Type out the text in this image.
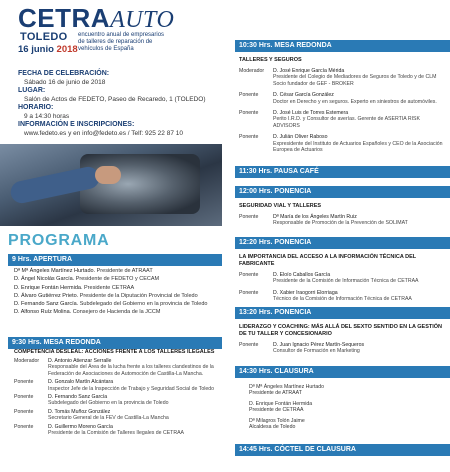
CETRAAUTO
TOLEDO
16 junio 2018
encuentro anual de empresarios de talleres de reparación de vehículos de España
FECHA DE CELEBRACIÓN:
Sábado 16 de junio de 2018
LUGAR:
Salón de Actos de FEDETO, Paseo de Recaredo, 1 (TOLEDO)
HORARIO:
9 a 14:30 horas
INFORMACIÓN E INSCRIPCIONES:
www.fedeto.es y en info@fedeto.es / Telf: 925 22 87 10
PROGRAMA
9 Hrs. APERTURA
Dª Mª Ángeles Martínez Hurtado. Presidente de ATRAAT
D. Ángel Nicolás García. Presidente de FEDETO y CECAM
D. Enrique Fontán Hermida. Presidente CETRAA
D. Álvaro Gutiérrez Prieto. Presidente de la Diputación Provincial de Toledo
D. Fernando Sanz García. Subdelegado del Gobierno en la provincia de Toledo
D. Alfonso Ruíz Molina. Consejero de Hacienda de la JCCM
9:30 Hrs. MESA REDONDA
COMPETENCIA DESLEAL: ACCIONES FRENTE A LOS TALLERES ILEGALES
Moderador	D. Antonio Atienzar Serralle
Responsable del Área de la lucha frente a los talleres clandestinos de la Federación de Asociaciones de Automoción de Castilla-La Mancha.
Ponente	D. Gonzalo Martín Alcántara
Inspector Jefe de la Inspección de Trabajo y Seguridad Social de Toledo
Ponente	D. Fernando Sanz García
Subdelegado del Gobierno en la provincia de Toledo
Ponente	D. Tomás Muñoz González
Secretario General de la FEV de Castilla-La Mancha
Ponente	D. Guillermo Moreno García
Presidente de la Comisión de Talleres Ilegales de CETRAA
10:30 Hrs. MESA REDONDA
TALLERES Y SEGUROS
Moderador	D. José Enrique García Mérida
Presidente del Colegio de Mediadores de Seguros de Toledo y de CLM Socio fundador de GEF - BROKER
Ponente	D. César García González
Doctor en Derecho y en seguros. Experto en siniestros de automóviles.
Ponente	D. José Luis de Torres Estemera
Perito I.R.D. y Consultor de averías. Gerente de ASERTIA RISK ADVISORS
Ponente	D. Julián Oliver Raboso
Expresidente del Instituto de Actuarios Españoles y CEO de la Asociación Europea de Actuarios
11:30 Hrs. PAUSA CAFÉ
12:00 Hrs. PONENCIA
SEGURIDAD VIAL Y TALLERES
Ponente	Dª María de los Ángeles Martín Ruiz
Responsable de Promoción de la Prevención de SOLIMAT
12:20 Hrs. PONENCIA
LA IMPORTANCIA DEL ACCESO A LA INFORMACIÓN TÉCNICA DEL FABRICANTE
Ponente	D. Eloío Caballos García
Presidente de la Comisión de Información Técnica de CETRAA
Ponente	D. Xabier Iraogorri Elorriaga
Técnico de la Comisión de Información Técnica de CETRAA
13:20 Hrs. PONENCIA
LIDERAZGO Y COACHING: MÁS ALLÁ DEL SEXTO SENTIDO EN LA GESTIÓN DE TU TALLER Y CONCESIONARIO
Ponente	D. Juan Ignacio Pérez Martín-Sequeros
Consultor de Formación en Marketing
14:30 Hrs. CLAUSURA
Dª Mª Ángeles Martínez Hurtado
Presidente de ATRAAT
D. Enrique Fontán Hermida
Presidente de CETRAA
Dª Milagros Tolón Jaime
Alcaldesa de Toledo
14:45 Hrs. CÓCTEL DE CLAUSURA
